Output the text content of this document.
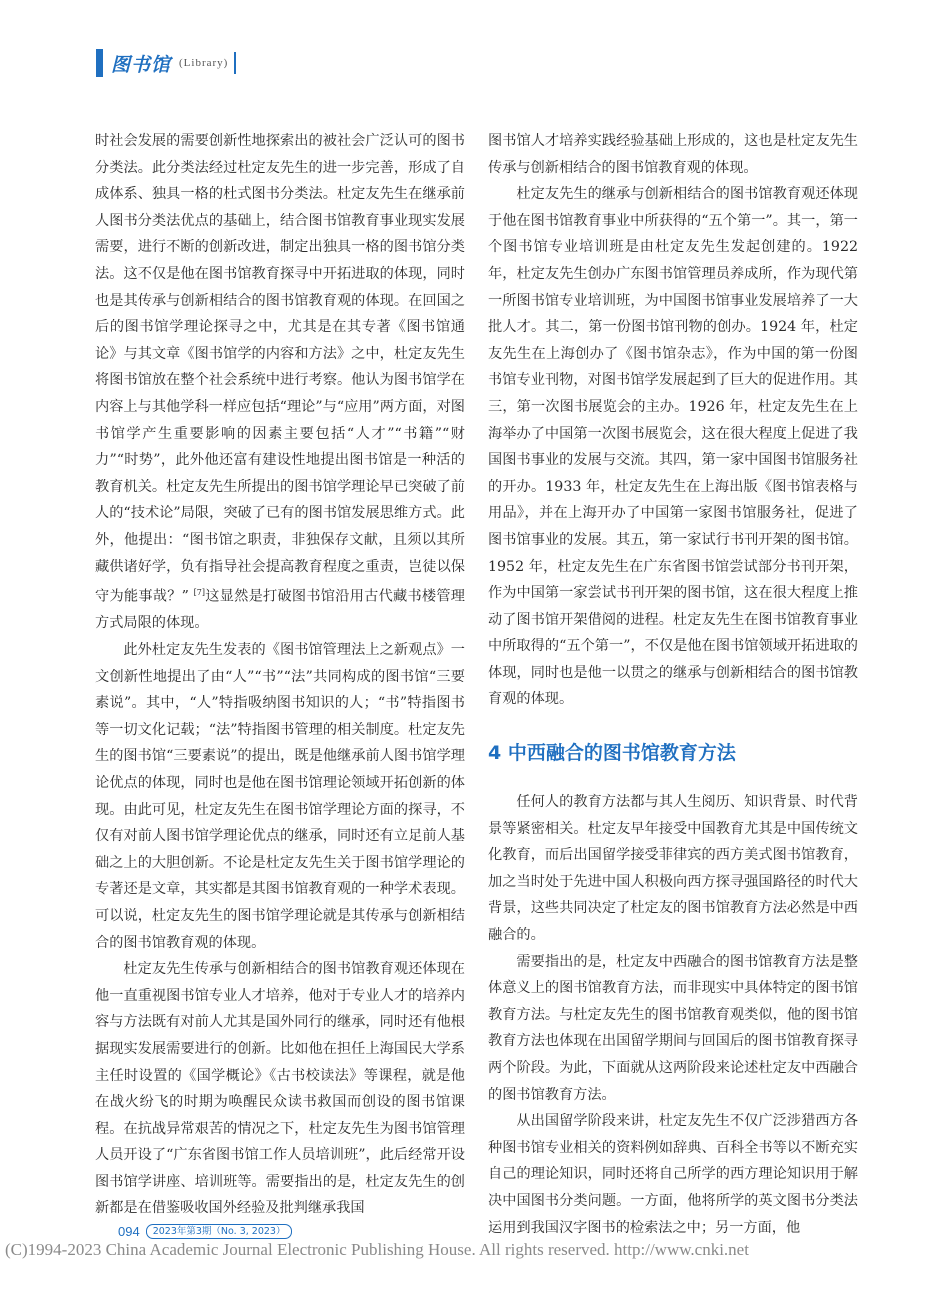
图书馆 (Library)

时社会发展的需要创新性地探索出的被社会广泛认可的图书分类法。此分类法经过杜定友先生的进一步完善，形成了自成体系、独具一格的杜式图书分类法。杜定友先生在继承前人图书分类法优点的基础上，结合图书馆教育事业现实发展需要，进行不断的创新改进，制定出独具一格的图书馆分类法。这不仅是他在图书馆教育探寻中开拓进取的体现，同时也是其传承与创新相结合的图书馆教育观的体现。在回国之后的图书馆学理论探寻之中，尤其是在其专著《图书馆通论》与其文章《图书馆学的内容和方法》之中，杜定友先生将图书馆放在整个社会系统中进行考察。他认为图书馆学在内容上与其他学科一样应包括“理论”与“应用”两方面，对图书馆学产生重要影响的因素主要包括“人才”“书籍”“财力”“时势”，此外他还富有建设性地提出图书馆是一种活的教育机关。杜定友先生所提出的图书馆学理论早已突破了前人的“技术论”局限，突破了已有的图书馆发展思维方式。此外，他提出：“图书馆之职责，非独保存文献，且须以其所藏供诸好学，负有指导社会提高教育程度之重责，岂徒以保守为能事哉？” [7]这显然是打破图书馆沿用古代藏书楼管理方式局限的体现。

此外杜定友先生发表的《图书馆管理法上之新观点》一文创新性地提出了由“人”“书”“法”共同构成的图书馆“三要素说”。其中，“人”特指吸纳图书知识的人；“书”特指图书等一切文化记载；“法”特指图书管理的相关制度。杜定友先生的图书馆“三要素说”的提出，既是他继承前人图书馆学理论优点的体现，同时也是他在图书馆理论领域开拓创新的体现。由此可见，杜定友先生在图书馆学理论方面的探寻，不仅有对前人图书馆学理论优点的继承，同时还有立足前人基础之上的大胆创新。不论是杜定友先生关于图书馆学理论的专著还是文章，其实都是其图书馆教育观的一种学术表现。可以说，杜定友先生的图书馆学理论就是其传承与创新相结合的图书馆教育观的体现。

杜定友先生传承与创新相结合的图书馆教育观还体现在他一直重视图书馆专业人才培养，他对于专业人才的培养内容与方法既有对前人尤其是国外同行的继承，同时还有他根据现实发展需要进行的创新。比如他在担任上海国民大学系主任时设置的《国学概论》《古书校读法》等课程，就是他在战火纷飞的时期为唤醒民众读书救国而创设的图书馆课程。在抗战异常艰苦的情况之下，杜定友先生为图书馆管理人员开设了“广东省图书馆工作人员培训班”，此后经常开设图书馆学讲座、培训班等。需要指出的是，杜定友先生的创新都是在借鉴吸收国外经验及批判继承我国

图书馆人才培养实践经验基础上形成的，这也是杜定友先生传承与创新相结合的图书馆教育观的体现。

杜定友先生的继承与创新相结合的图书馆教育观还体现于他在图书馆教育事业中所获得的“五个第一”。其一，第一个图书馆专业培训班是由杜定友先生发起创建的。1922 年，杜定友先生创办广东图书馆管理员养成所，作为现代第一所图书馆专业培训班，为中国图书馆事业发展培养了一大批人才。其二，第一份图书馆刊物的创办。1924 年，杜定友先生在上海创办了《图书馆杂志》，作为中国的第一份图书馆专业刊物，对图书馆学发展起到了巨大的促进作用。其三，第一次图书展览会的主办。1926 年，杜定友先生在上海举办了中国第一次图书展览会，这在很大程度上促进了我国图书事业的发展与交流。其四，第一家中国图书馆服务社的开办。1933 年，杜定友先生在上海出版《图书馆表格与用品》，并在上海开办了中国第一家图书馆服务社，促进了图书馆事业的发展。其五，第一家试行书刊开架的图书馆。1952 年，杜定友先生在广东省图书馆尝试部分书刊开架，作为中国第一家尝试书刊开架的图书馆，这在很大程度上推动了图书馆开架借阅的进程。杜定友先生在图书馆教育事业中所取得的“五个第一”，不仅是他在图书馆领域开拓进取的体现，同时也是他一以贯之的继承与创新相结合的图书馆教育观的体现。

4 中西融合的图书馆教育方法

任何人的教育方法都与其人生阅历、知识背景、时代背景等紧密相关。杜定友早年接受中国教育尤其是中国传统文化教育，而后出国留学接受菲律宾的西方美式图书馆教育，加之当时处于先进中国人积极向西方探寻强国路径的时代大背景，这些共同决定了杜定友的图书馆教育方法必然是中西融合的。

需要指出的是，杜定友中西融合的图书馆教育方法是整体意义上的图书馆教育方法，而非现实中具体特定的图书馆教育方法。与杜定友先生的图书馆教育观类似，他的图书馆教育方法也体现在出国留学期间与回国后的图书馆教育探寻两个阶段。为此，下面就从这两阶段来论述杜定友中西融合的图书馆教育方法。

从出国留学阶段来讲，杜定友先生不仅广泛涉猎西方各种图书馆专业相关的资料例如辞典、百科全书等以不断充实自己的理论知识，同时还将自己所学的西方理论知识用于解决中国图书分类问题。一方面，他将所学的英文图书分类法运用到我国汉字图书的检索法之中；另一方面，他

094	2023年第3期（No. 3, 2023）
(C)1994-2023 China Academic Journal Electronic Publishing House. All rights reserved. http://www.cnki.net
